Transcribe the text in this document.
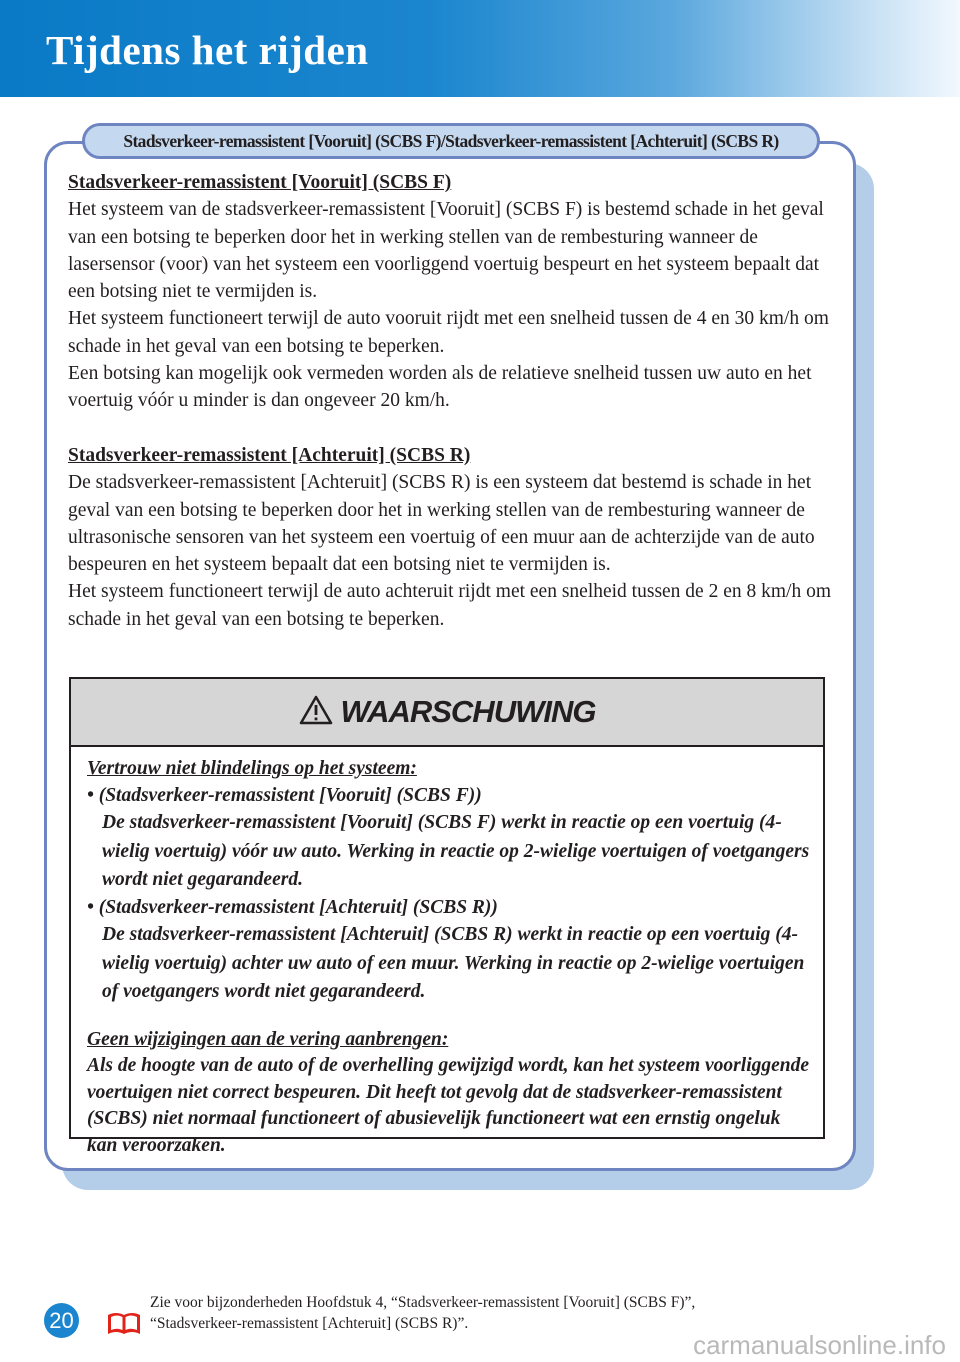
Tijdens het rijden
Stadsverkeer-remassistent [Vooruit] (SCBS F)/Stadsverkeer-remassistent [Achteruit] (SCBS R)

Stadsverkeer-remassistent [Vooruit] (SCBS F)

Het systeem van de stadsverkeer-remassistent [Vooruit] (SCBS F) is bestemd schade in het geval van een botsing te beperken door het in werking stellen van de rembesturing wanneer de lasersensor (voor) van het systeem een voorliggend voertuig bespeurt en het systeem bepaalt dat een botsing niet te vermijden is.

Het systeem functioneert terwijl de auto vooruit rijdt met een snelheid tussen de 4 en 30 km/h om schade in het geval van een botsing te beperken.

Een botsing kan mogelijk ook vermeden worden als de relatieve snelheid tussen uw auto en het voertuig vóór u minder is dan ongeveer 20 km/h.

Stadsverkeer-remassistent [Achteruit] (SCBS R)

De stadsverkeer-remassistent [Achteruit] (SCBS R) is een systeem dat bestemd is schade in het geval van een botsing te beperken door het in werking stellen van de rembesturing wanneer de ultrasonische sensoren van het systeem een voertuig of een muur aan de achterzijde van de auto bespeuren en het systeem bepaalt dat een botsing niet te vermijden is.

Het systeem functioneert terwijl de auto achteruit rijdt met een snelheid tussen de 2 en 8 km/h om schade in het geval van een botsing te beperken.

WAARSCHUWING

Vertrouw niet blindelings op het systeem:

• (Stadsverkeer-remassistent [Vooruit] (SCBS F))

De stadsverkeer-remassistent [Vooruit] (SCBS F) werkt in reactie op een voertuig (4-wielig voertuig) vóór uw auto. Werking in reactie op 2-wielige voertuigen of voetgangers wordt niet gegarandeerd.

• (Stadsverkeer-remassistent [Achteruit] (SCBS R))

De stadsverkeer-remassistent [Achteruit] (SCBS R) werkt in reactie op een voertuig (4-wielig voertuig) achter uw auto of een muur. Werking in reactie op 2-wielige voertuigen of voetgangers wordt niet gegarandeerd.

Geen wijzigingen aan de vering aanbrengen:

Als de hoogte van de auto of de overhelling gewijzigd wordt, kan het systeem voorliggende voertuigen niet correct bespeuren. Dit heeft tot gevolg dat de stadsverkeer-remassistent (SCBS) niet normaal functioneert of abusievelijk functioneert wat een ernstig ongeluk kan veroorzaken.

20

Zie voor bijzonderheden Hoofdstuk 4, “Stadsverkeer-remassistent [Vooruit] (SCBS F)”,

“Stadsverkeer-remassistent [Achteruit] (SCBS R)”.

carmanualsonline.info
